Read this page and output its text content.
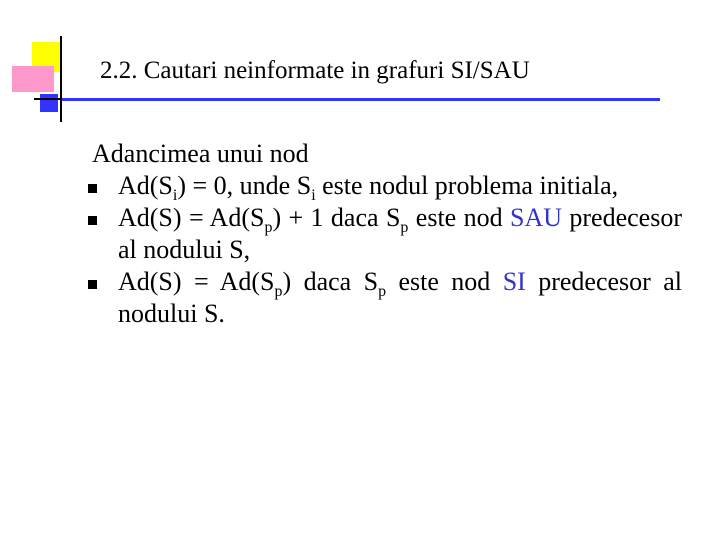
2.2. Cautari neinformate in grafuri SI/SAU
Adancimea unui nod
$Ad(S_i) = 0$, unde $S_i$ este nodul problema initiala,
$Ad(S) = Ad(S_p) + 1$ daca $S_p$ este nod SAU predecesor al nodului S,
$Ad(S) = Ad(S_p)$ daca $S_p$ este nod SI predecesor al nodului S.
